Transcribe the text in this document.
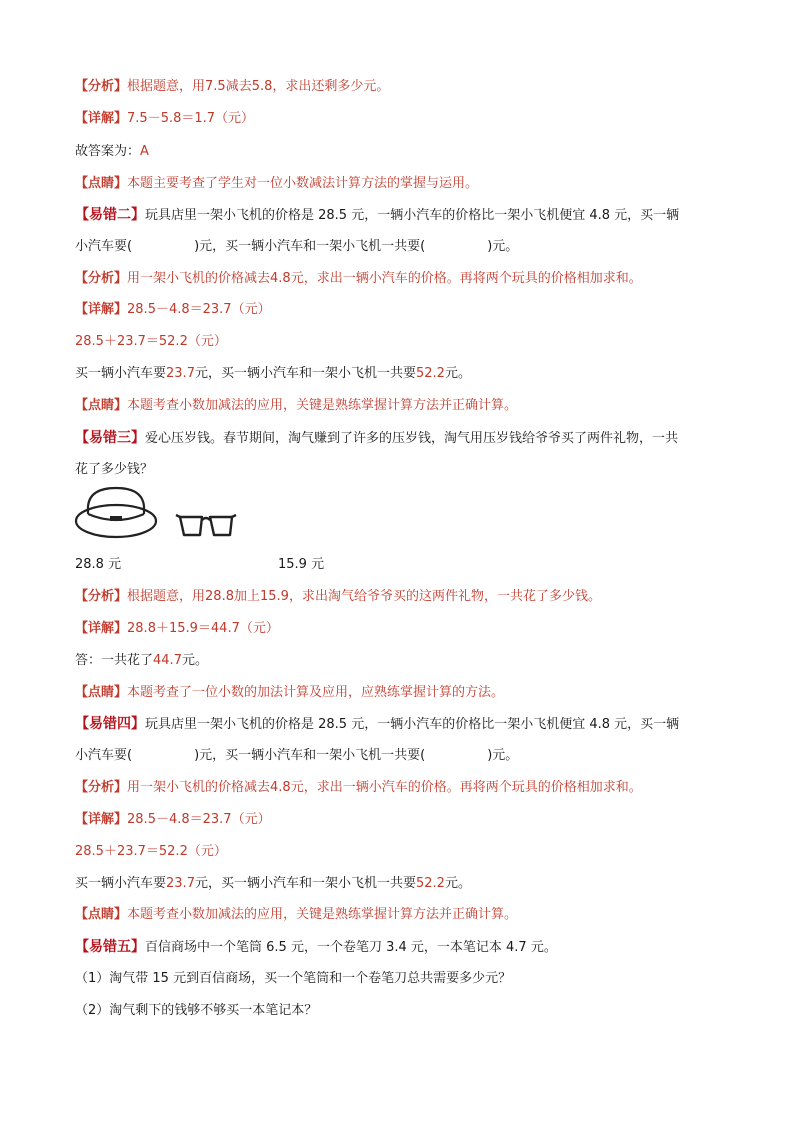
【分析】根据题意，用7.5减去5.8，求出还剩多少元。
【详解】7.5－5.8＝1.7（元）
故答案为：A
【点睛】本题主要考查了学生对一位小数减法计算方法的掌握与运用。
【易错二】玩具店里一架小飞机的价格是 28.5 元，一辆小汽车的价格比一架小飞机便宜 4.8 元，买一辆
小汽车要(	)元，买一辆小汽车和一架小飞机一共要(	)元。
【分析】用一架小飞机的价格减去4.8元，求出一辆小汽车的价格。再将两个玩具的价格相加求和。
【详解】28.5－4.8＝23.7（元）
28.5＋23.7＝52.2（元）
买一辆小汽车要23.7元，买一辆小汽车和一架小飞机一共要52.2元。
【点睛】本题考查小数加减法的应用，关键是熟练掌握计算方法并正确计算。
【易错三】爱心压岁钱。春节期间，淘气赚到了许多的压岁钱，淘气用压岁钱给爷爷买了两件礼物，一共
花了多少钱？
28.8 元	15.9 元
【分析】根据题意，用28.8加上15.9，求出淘气给爷爷买的这两件礼物，一共花了多少钱。
【详解】28.8＋15.9＝44.7（元）
答：一共花了44.7元。
【点睛】本题考查了一位小数的加法计算及应用，应熟练掌握计算的方法。
【易错四】玩具店里一架小飞机的价格是 28.5 元，一辆小汽车的价格比一架小飞机便宜 4.8 元，买一辆
小汽车要(	)元，买一辆小汽车和一架小飞机一共要(	)元。
【分析】用一架小飞机的价格减去4.8元，求出一辆小汽车的价格。再将两个玩具的价格相加求和。
【详解】28.5－4.8＝23.7（元）
28.5＋23.7＝52.2（元）
买一辆小汽车要23.7元，买一辆小汽车和一架小飞机一共要52.2元。
【点睛】本题考查小数加减法的应用，关键是熟练掌握计算方法并正确计算。
【易错五】百信商场中一个笔筒 6.5 元，一个卷笔刀 3.4 元，一本笔记本 4.7 元。
（1）淘气带 15 元到百信商场，买一个笔筒和一个卷笔刀总共需要多少元？
（2）淘气剩下的钱够不够买一本笔记本？
